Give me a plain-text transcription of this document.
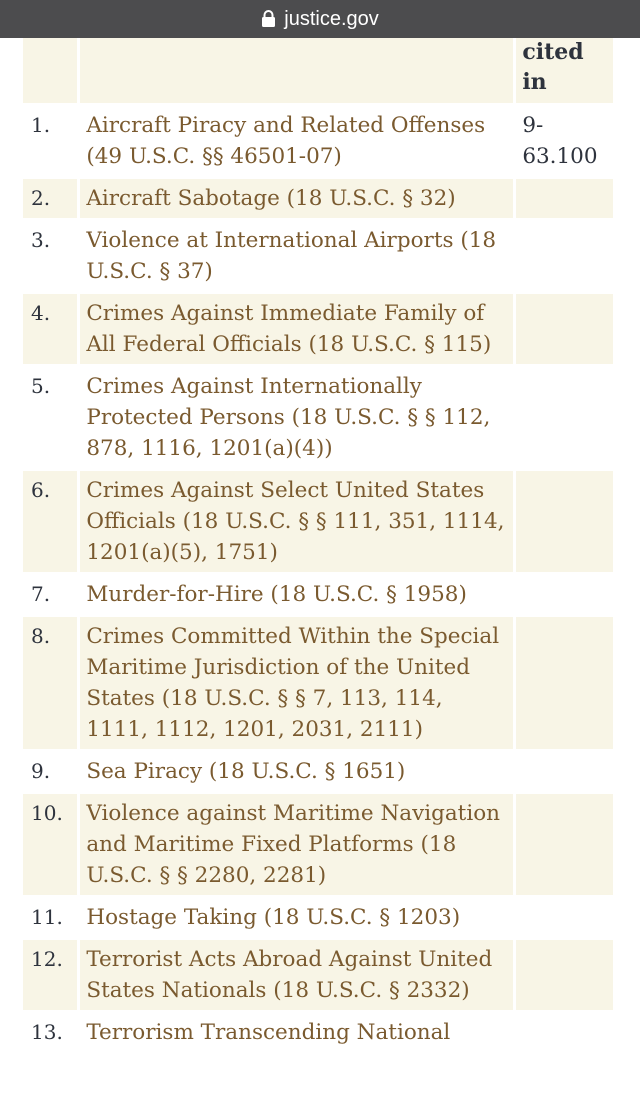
justice.gov
		cited in
1.	Aircraft Piracy and Related Offenses (49 U.S.C. §§ 46501-07)	9-63.100
2.	Aircraft Sabotage (18 U.S.C. § 32)	
3.	Violence at International Airports (18 U.S.C. § 37)	
4.	Crimes Against Immediate Family of All Federal Officials (18 U.S.C. § 115)	
5.	Crimes Against Internationally Protected Persons (18 U.S.C. § § 112, 878, 1116, 1201(a)(4))	
6.	Crimes Against Select United States Officials (18 U.S.C. § § 111, 351, 1114, 1201(a)(5), 1751)	
7.	Murder-for-Hire (18 U.S.C. § 1958)	
8.	Crimes Committed Within the Special Maritime Jurisdiction of the United States (18 U.S.C. § § 7, 113, 114, 1111, 1112, 1201, 2031, 2111)	
9.	Sea Piracy (18 U.S.C. § 1651)	
10.	Violence against Maritime Navigation and Maritime Fixed Platforms (18 U.S.C. § § 2280, 2281)	
11.	Hostage Taking (18 U.S.C. § 1203)	
12.	Terrorist Acts Abroad Against United States Nationals (18 U.S.C. § 2332)	
13.	Terrorism Transcending National	
